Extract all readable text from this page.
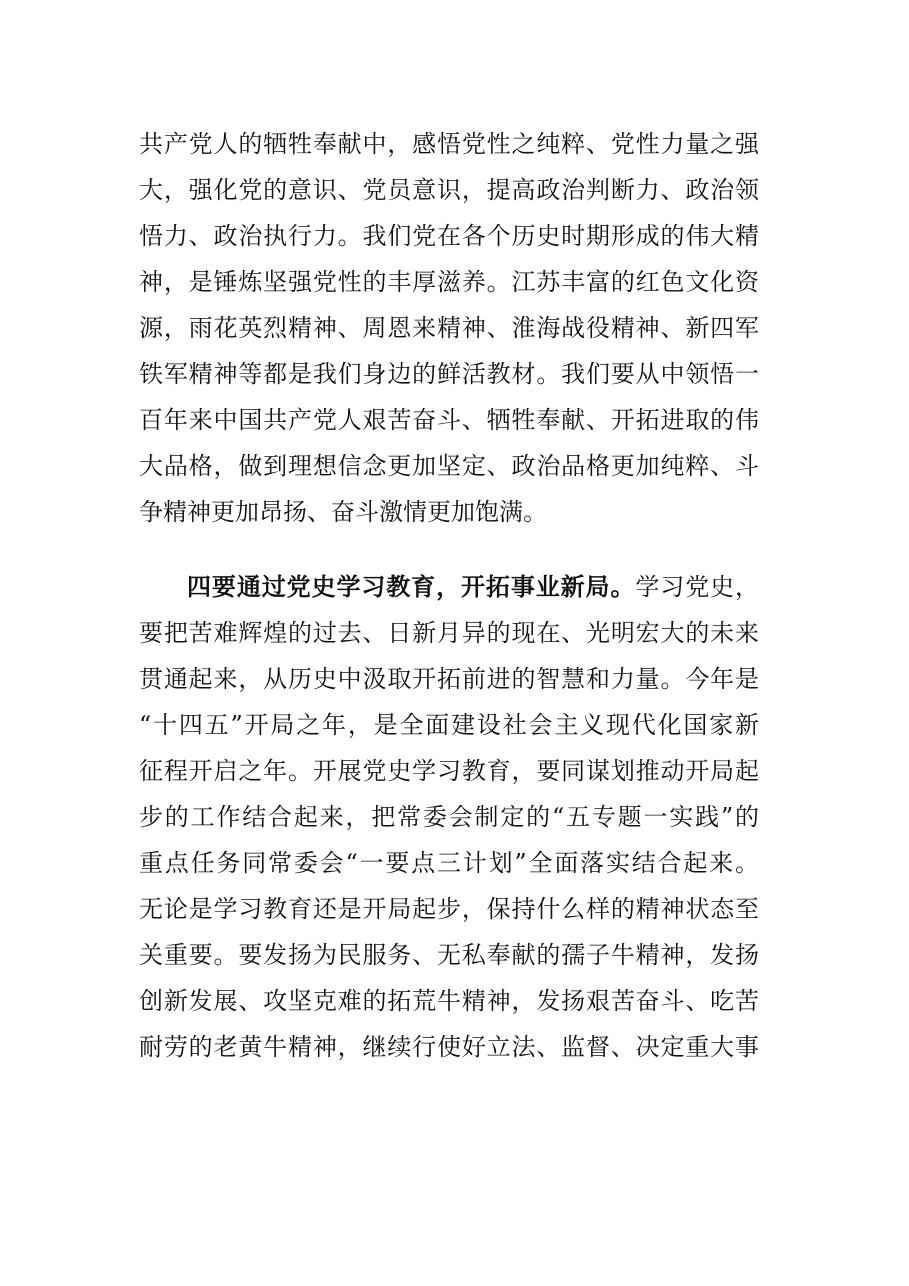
共产党人的牺牲奉献中，感悟党性之纯粹、党性力量之强
大，强化党的意识、党员意识，提高政治判断力、政治领
悟力、政治执行力。我们党在各个历史时期形成的伟大精
神，是锤炼坚强党性的丰厚滋养。江苏丰富的红色文化资
源，雨花英烈精神、周恩来精神、淮海战役精神、新四军
铁军精神等都是我们身边的鲜活教材。我们要从中领悟一
百年来中国共产党人艰苦奋斗、牺牲奉献、开拓进取的伟
大品格，做到理想信念更加坚定、政治品格更加纯粹、斗
争精神更加昂扬、奋斗激情更加饱满。
四要通过党史学习教育，开拓事业新局。学习党史，
要把苦难辉煌的过去、日新月异的现在、光明宏大的未来
贯通起来，从历史中汲取开拓前进的智慧和力量。今年是
“十四五”开局之年，是全面建设社会主义现代化国家新
征程开启之年。开展党史学习教育，要同谋划推动开局起
步的工作结合起来，把常委会制定的“五专题一实践”的
重点任务同常委会“一要点三计划”全面落实结合起来。
无论是学习教育还是开局起步，保持什么样的精神状态至
关重要。要发扬为民服务、无私奉献的孺子牛精神，发扬
创新发展、攻坚克难的拓荒牛精神，发扬艰苦奋斗、吃苦
耐劳的老黄牛精神，继续行使好立法、监督、决定重大事
